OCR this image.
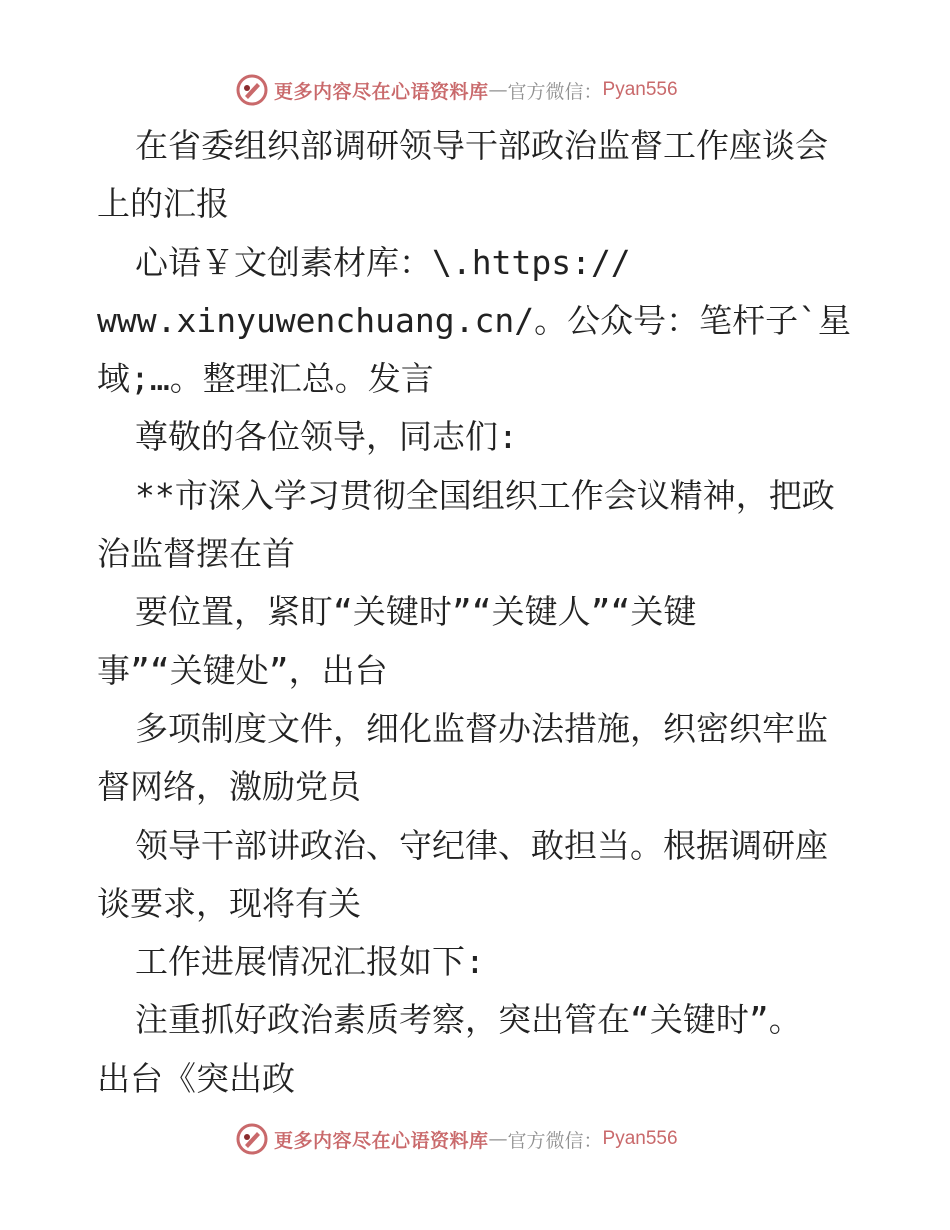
更多内容尽在心语资料库 — 官方微信： Pyan556
在省委组织部调研领导干部政治监督工作座谈会
上的汇报
心语￥文创素材库：\.https://
www.xinyuwenchuang.cn/。公众号：笔杆子`星
域;…。整理汇总。发言
尊敬的各位领导，同志们:
**市深入学习贯彻全国组织工作会议精神，把政
治监督摆在首
要位置，紧盯“关键时”“关键人”“关键
事”“关键处”，出台
多项制度文件，细化监督办法措施，织密织牢监
督网络，激励党员
领导干部讲政治、守纪律、敢担当。根据调研座
谈要求，现将有关
工作进展情况汇报如下:
注重抓好政治素质考察，突出管在“关键时”。
出台《突出政
更多内容尽在心语资料库 — 官方微信： Pyan556
